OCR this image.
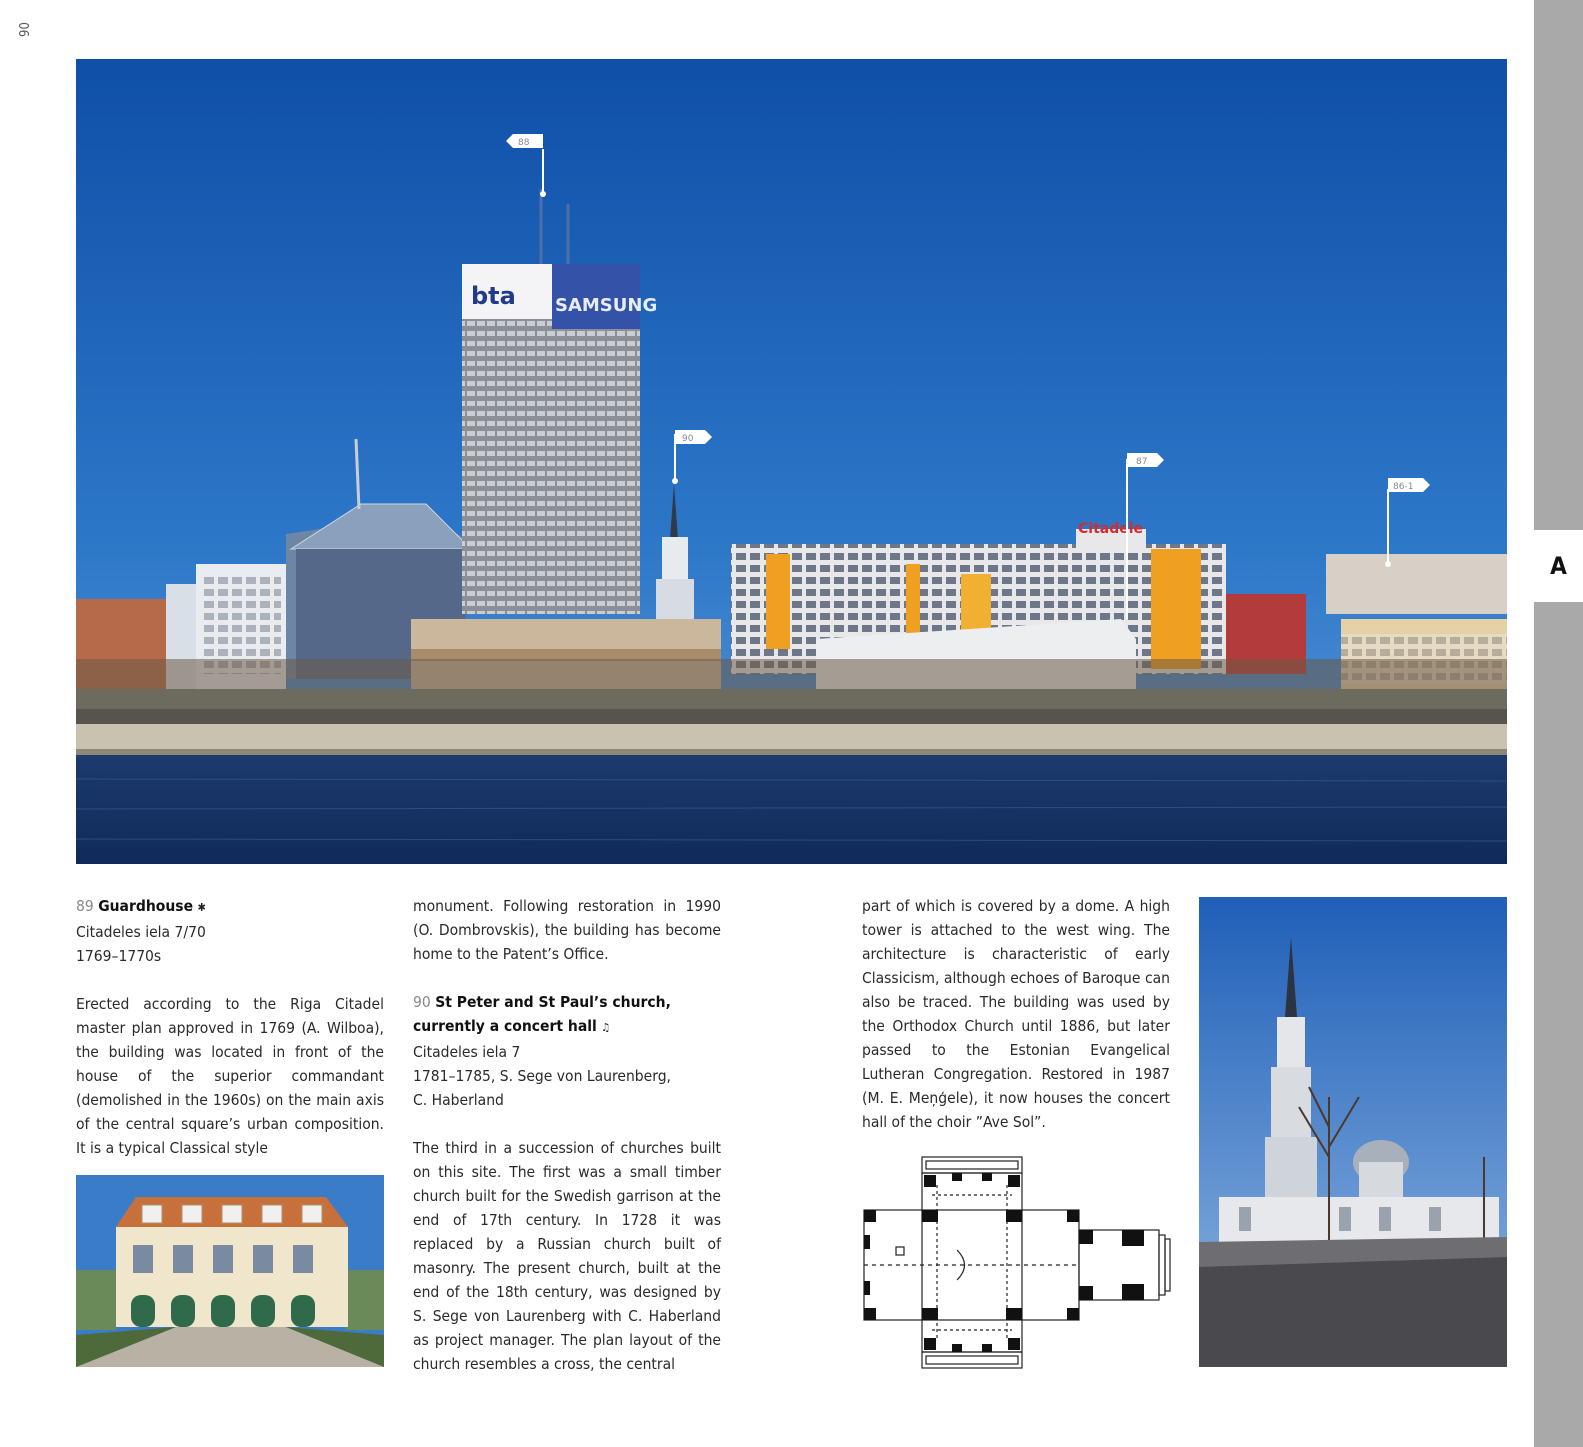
90
A
bta SAMSUNG
Citadele
88
90
87
86-1

89 Guardhouse ✱

Citadeles iela 7/70

1769–1770s

Erected according to the Riga Citadel master plan approved in 1769 (A. Wilboa), the building was located in front of the house of the superior commandant (demolished in the 1960s) on the main axis of the central square’s urban composition. It is a typical Classical style

monument. Following restoration in 1990 (O. Dombrovskis), the building has become home to the Patent’s Office.

90 St Peter and St Paul’s church,

currently a concert hall ♫

Citadeles iela 7

1781–1785, S. Sege von Laurenberg,

C. Haberland

The third in a succession of churches built on this site. The first was a small timber church built for the Swedish garrison at the end of 17th century. In 1728 it was replaced by a Russian church built of masonry. The present church, built at the end of the 18th century, was designed by S. Sege von Laurenberg with C. Haberland as project manager. The plan layout of the church resembles a cross, the central

part of which is covered by a dome. A high tower is attached to the west wing. The architecture is characteristic of early Classicism, although echoes of Baroque can also be traced. The building was used by the Orthodox Church until 1886, but later passed to the Estonian Evangelical Lutheran Congregation. Restored in 1987 (M. E. Meņģele), it now houses the concert hall of the choir ”Ave Sol”.
